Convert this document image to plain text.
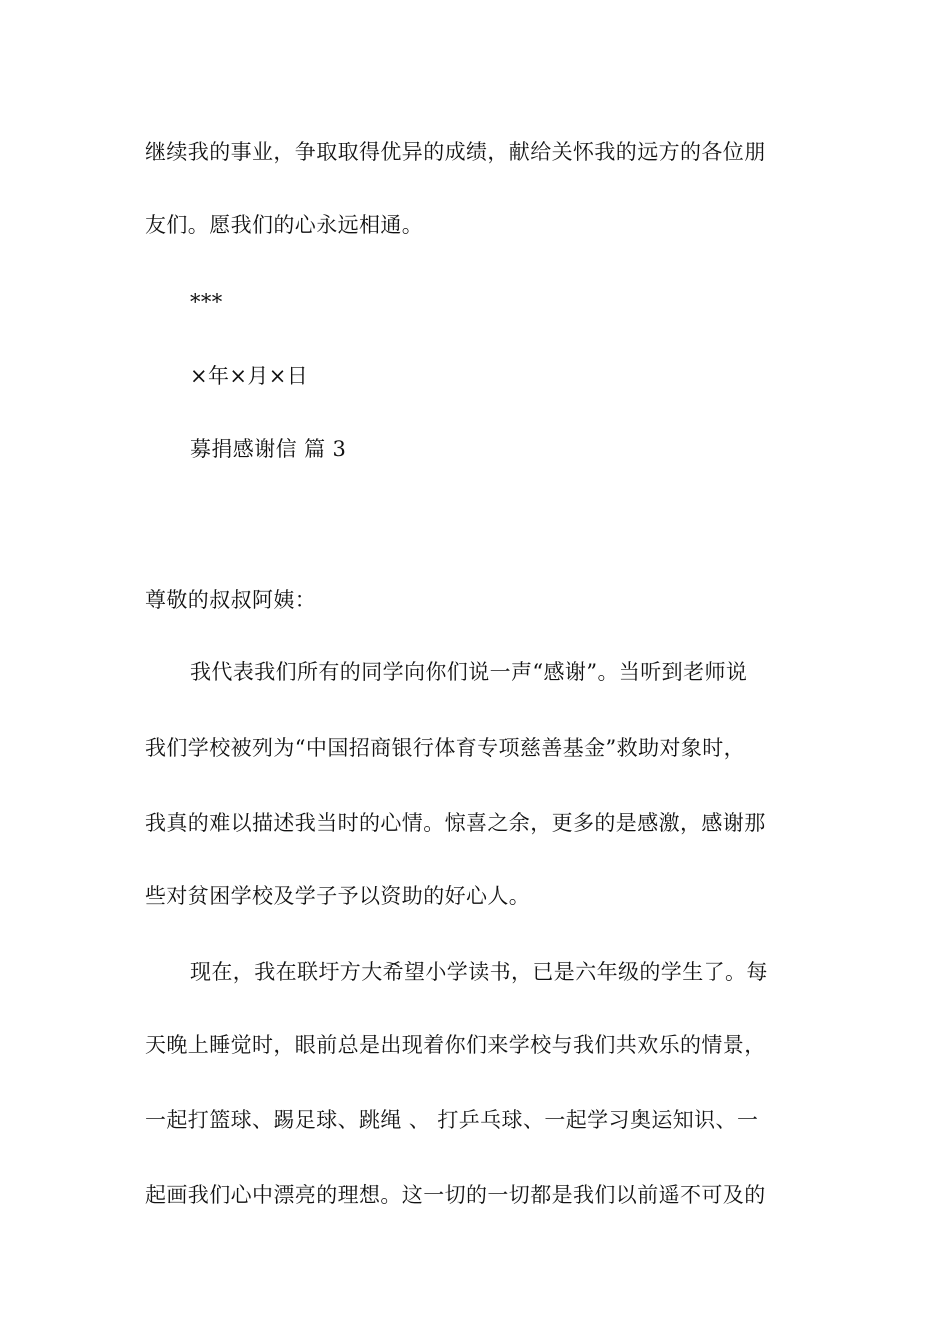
继续我的事业，争取取得优异的成绩，献给关怀我的远方的各位朋
友们。愿我们的心永远相通。
***
×年×月×日
募捐感谢信 篇 3
尊敬的叔叔阿姨：
我代表我们所有的同学向你们说一声“感谢”。当听到老师说
我们学校被列为“中国招商银行体育专项慈善基金”救助对象时，
我真的难以描述我当时的心情。惊喜之余，更多的是感激，感谢那
些对贫困学校及学子予以资助的好心人。
现在，我在联圩方大希望小学读书，已是六年级的学生了。每
天晚上睡觉时，眼前总是出现着你们来学校与我们共欢乐的情景，
一起打篮球、踢足球、跳绳 、 打乒乓球、一起学习奥运知识、一
起画我们心中漂亮的理想。这一切的一切都是我们以前遥不可及的
